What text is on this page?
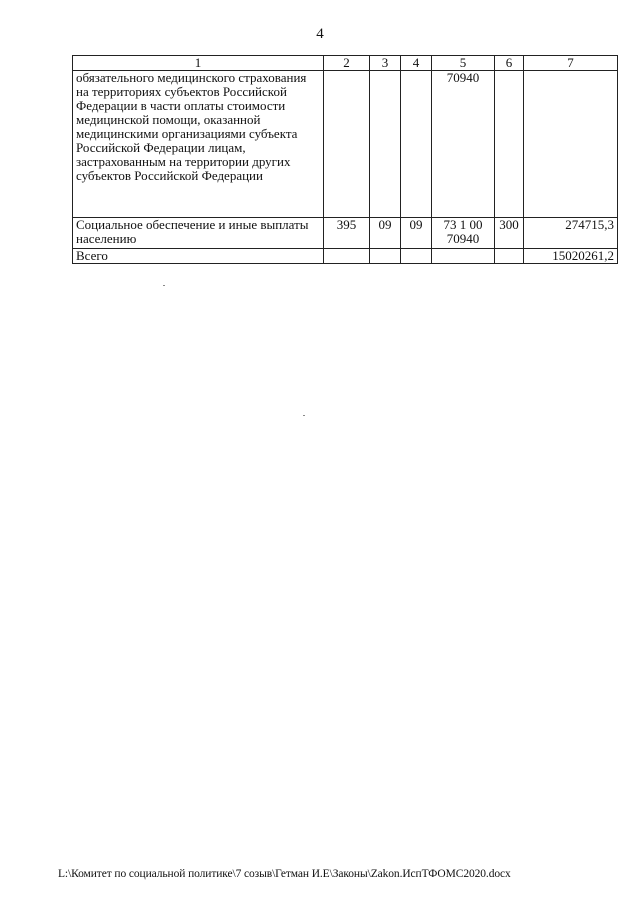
4
1	2	3	4	5	6	7
обязательного медицинского страхования на территориях субъектов Российской Федерации в части оплаты стоимости медицинской помощи, оказанной медицинскими организациями субъекта Российской Федерации лицам, застрахованным на территории других субъектов Российской Федерации				70940		
Социальное обеспечение и иные выплаты населению	395	09	09	73 1 00 70940	300	274715,3
Всего						15020261,2
L:\Комитет по социальной политике\7 созыв\Гетман И.Е\Законы\Zakon.ИспТФОМС2020.docx
